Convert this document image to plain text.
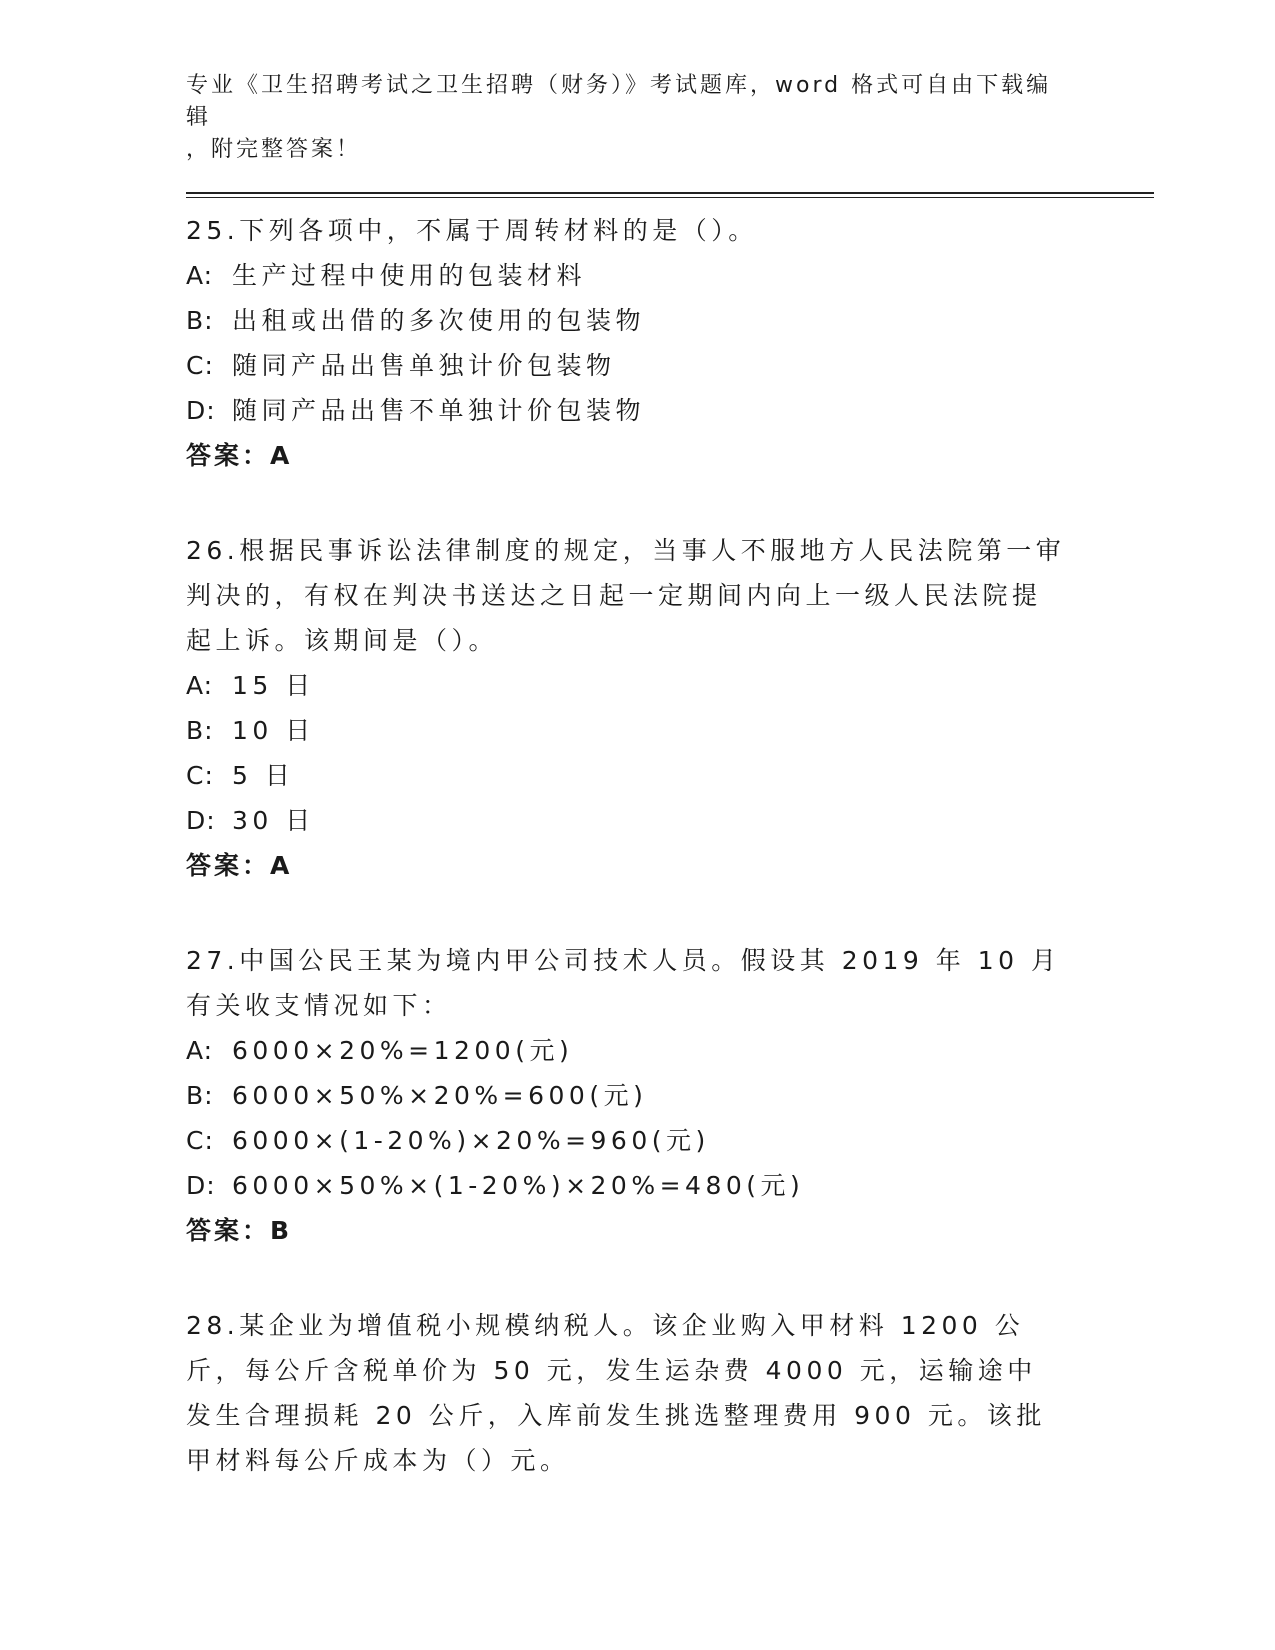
专业《卫生招聘考试之卫生招聘（财务）》考试题库，word 格式可自由下载编辑
，附完整答案！

25.下列各项中，不属于周转材料的是（）。

A: 生产过程中使用的包装材料

B: 出租或出借的多次使用的包装物

C: 随同产品出售单独计价包装物

D: 随同产品出售不单独计价包装物

答案：A

26.根据民事诉讼法律制度的规定，当事人不服地方人民法院第一审判决的，有权在判决书送达之日起一定期间内向上一级人民法院提起上诉。该期间是（）。

A: 15 日

B: 10 日

C: 5 日

D: 30 日

答案：A

27.中国公民王某为境内甲公司技术人员。假设其 2019 年 10 月有关收支情况如下：

A: 6000×20%=1200(元)

B: 6000×50%×20%=600(元)

C: 6000×(1-20%)×20%=960(元)

D: 6000×50%×(1-20%)×20%=480(元)

答案：B

28.某企业为增值税小规模纳税人。该企业购入甲材料 1200 公斤，每公斤含税单价为 50 元，发生运杂费 4000 元，运输途中发生合理损耗 20 公斤，入库前发生挑选整理费用 900 元。该批甲材料每公斤成本为（）元。
